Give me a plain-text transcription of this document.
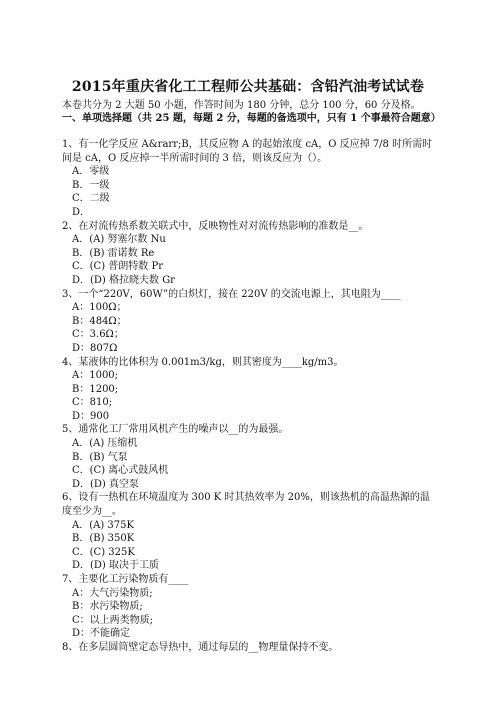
2015年重庆省化工工程师公共基础：含铅汽油考试试卷
本卷共分为 2 大题 50 小题，作答时间为 180 分钟，总分 100 分，60 分及格。
一、单项选择题（共 25 题，每题 2 分，每题的备选项中，只有 1 个事最符合题意）

1、有一化学反应 A&rarr;B，其反应物 A 的起始浓度 cA，O 反应掉 7/8 时所需时间是 cA，O 反应掉一半所需时间的 3 倍，则该反应为（）。

A．零级

B．一级

C．二级

D．

2、在对流传热系数关联式中，反映物性对对流传热影响的准数是__。

A．(A) 努塞尔数 Nu

B．(B) 雷诺数 Re

C．(C) 普朗特数 Pr

D．(D) 格拉晓夫数 Gr

3、一个“220V，60W”的白炽灯，接在 220V 的交流电源上，其电阻为____

A：100Ω；

B：484Ω；

C：3.6Ω；

D：807Ω

4、某液体的比体积为 0.001m3/kg，则其密度为____kg/m3。

A：1000;

B：1200;

C：810;

D：900

5、通常化工厂常用风机产生的噪声以__的为最强。

A．(A) 压缩机

B．(B) 气泵

C．(C) 离心式鼓风机

D．(D) 真空泵

6、设有一热机在环境温度为 300 K 时其热效率为 20%，则该热机的高温热源的温度至少为__。

A．(A) 375K

B．(B) 350K

C．(C) 325K

D．(D) 取决于工质

7、主要化工污染物质有____

A：大气污染物质;

B：水污染物质;

C：以上两类物质;

D：不能确定

8、在多层圆筒壁定态导热中，通过每层的__物理量保持不变。
